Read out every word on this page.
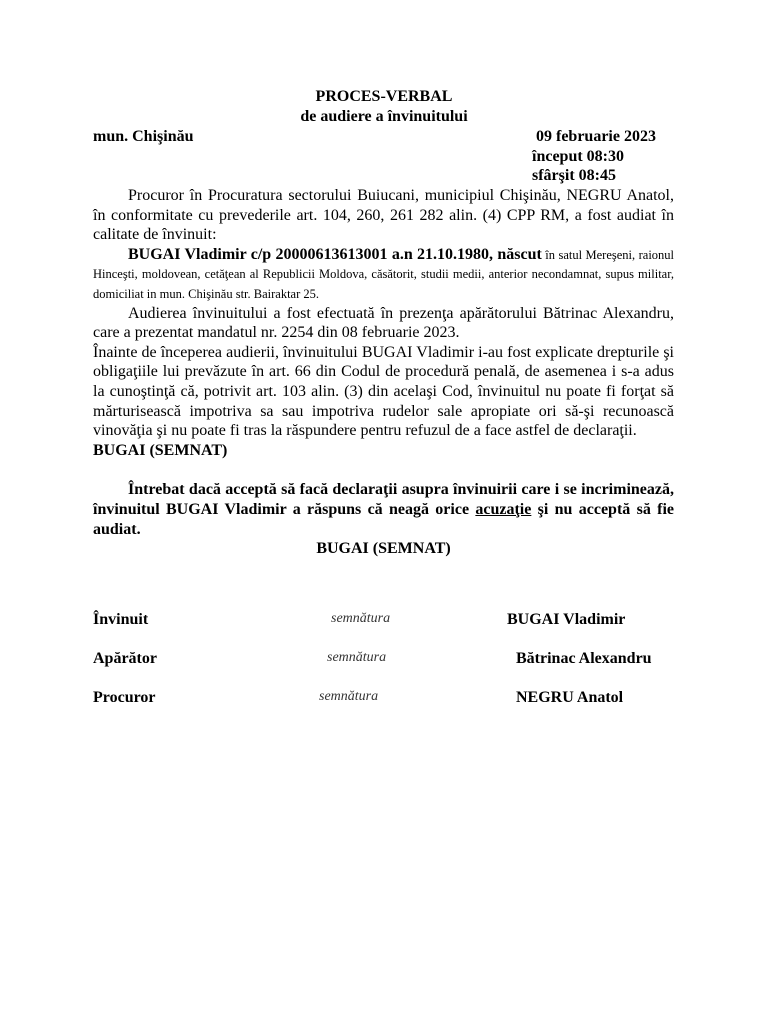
PROCES-VERBAL
de audiere a învinuitului
mun. Chişinău	09 februarie 2023
început 08:30
sfârşit 08:45

Procuror în Procuratura sectorului Buiucani, municipiul Chişinău, NEGRU Anatol, în conformitate cu prevederile art. 104, 260, 261 282 alin. (4) CPP RM, a fost audiat în calitate de învinuit:

BUGAI Vladimir c/p 20000613613001 a.n 21.10.1980, născut în satul Mereşeni, raionul Hinceşti, moldovean, cetăţean al Republicii Moldova, căsătorit, studii medii, anterior necondamnat, supus militar, domiciliat in mun. Chişinău str. Bairaktar 25.

Audierea învinuitului a fost efectuată în prezenţa apărătorului Bătrinac Alexandru, care a prezentat mandatul nr. 2254 din 08 februarie 2023.

Înainte de începerea audierii, învinuitului BUGAI Vladimir i-au fost explicate drepturile şi obligaţiile lui prevăzute în art. 66 din Codul de procedură penală, de asemenea i s-a adus la cunoştinţă că, potrivit art. 103 alin. (3) din acelaşi Cod, învinuitul nu poate fi forţat să mărturisească impotriva sa sau impotriva rudelor sale apropiate ori să-şi recunoască vinovăţia şi nu poate fi tras la răspundere pentru refuzul de a face astfel de declaraţii.

BUGAI (SEMNAT)

Întrebat dacă acceptă să facă declaraţii asupra învinuirii care i se incriminează, învinuitul BUGAI Vladimir a răspuns că neagă orice acuzaţie şi nu acceptă să fie audiat.

BUGAI (SEMNAT)

Învinuit	semnătura	BUGAI Vladimir
Apărător	semnătura	Bătrinac Alexandru
Procuror	semnătura	NEGRU Anatol
